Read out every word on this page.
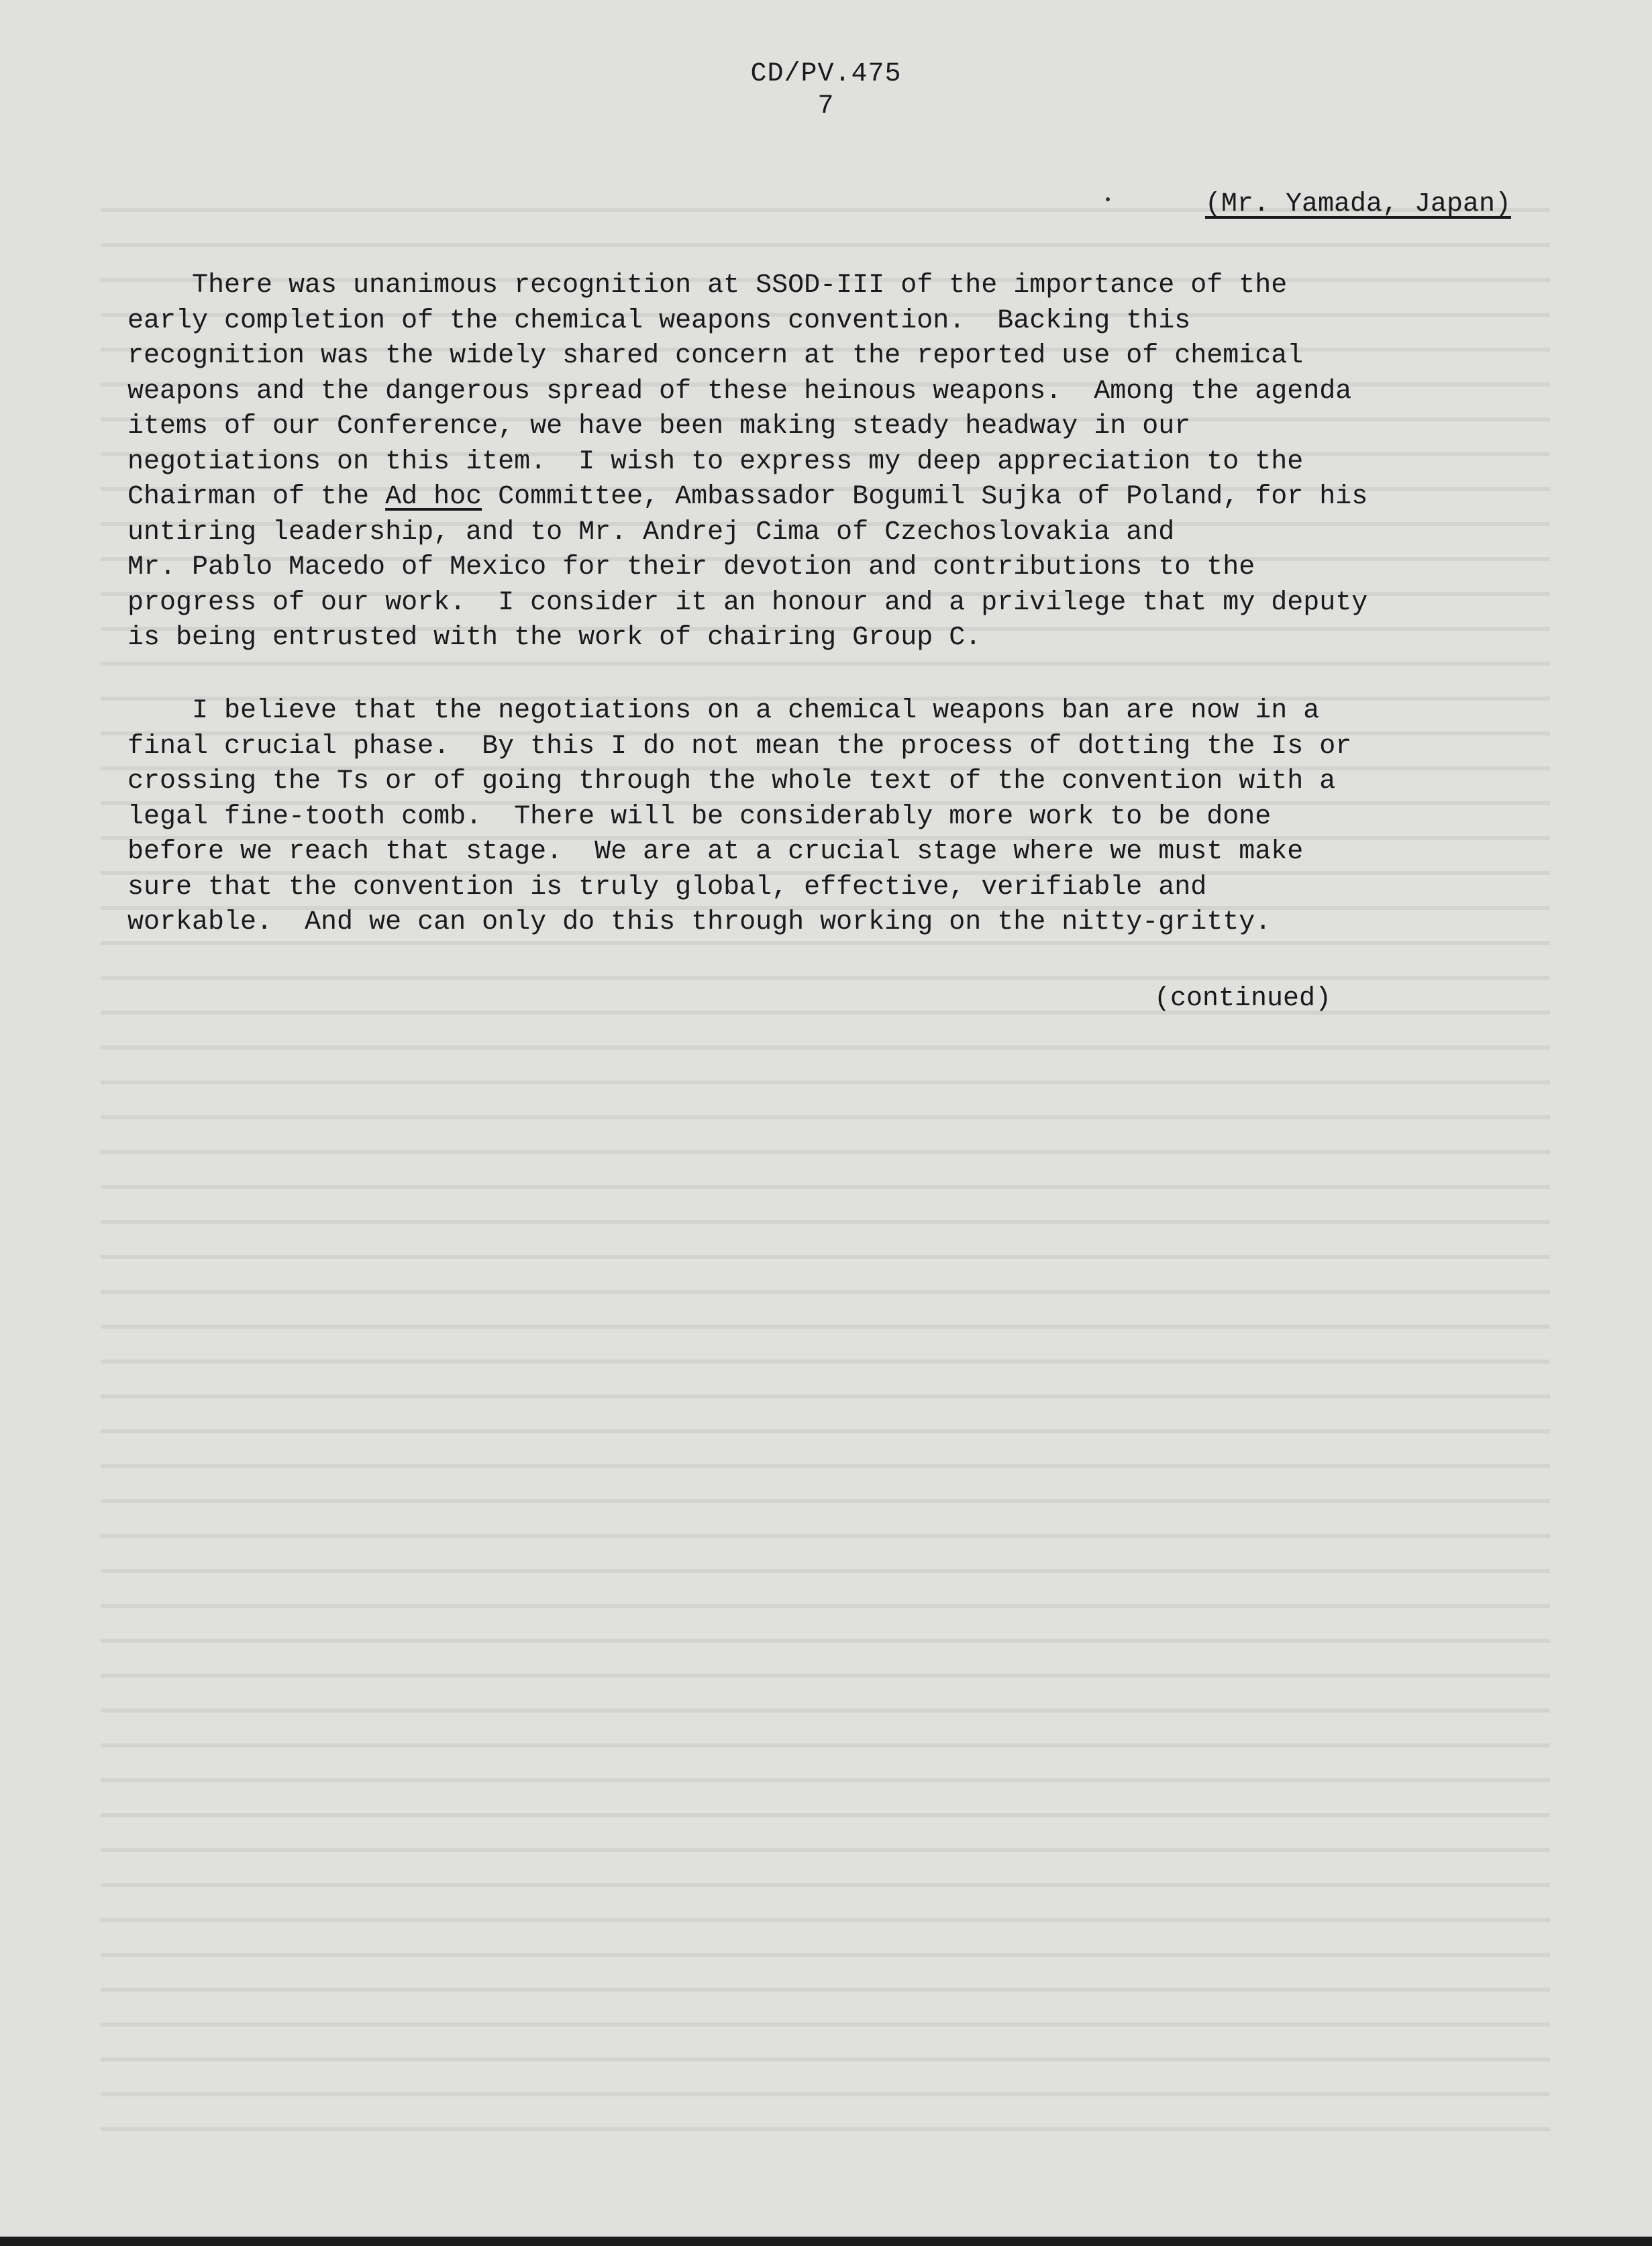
CD/PV.475
7
(Mr. Yamada, Japan)
There was unanimous recognition at SSOD-III of the importance of the
early completion of the chemical weapons convention.  Backing this
recognition was the widely shared concern at the reported use of chemical
weapons and the dangerous spread of these heinous weapons.  Among the agenda
items of our Conference, we have been making steady headway in our
negotiations on this item.  I wish to express my deep appreciation to the
Chairman of the Ad hoc Committee, Ambassador Bogumil Sujka of Poland, for his
untiring leadership, and to Mr. Andrej Cima of Czechoslovakia and
Mr. Pablo Macedo of Mexico for their devotion and contributions to the
progress of our work.  I consider it an honour and a privilege that my deputy
is being entrusted with the work of chairing Group C.
I believe that the negotiations on a chemical weapons ban are now in a
final crucial phase.  By this I do not mean the process of dotting the Is or
crossing the Ts or of going through the whole text of the convention with a
legal fine-tooth comb.  There will be considerably more work to be done
before we reach that stage.  We are at a crucial stage where we must make
sure that the convention is truly global, effective, verifiable and
workable.  And we can only do this through working on the nitty-gritty.
(continued)
